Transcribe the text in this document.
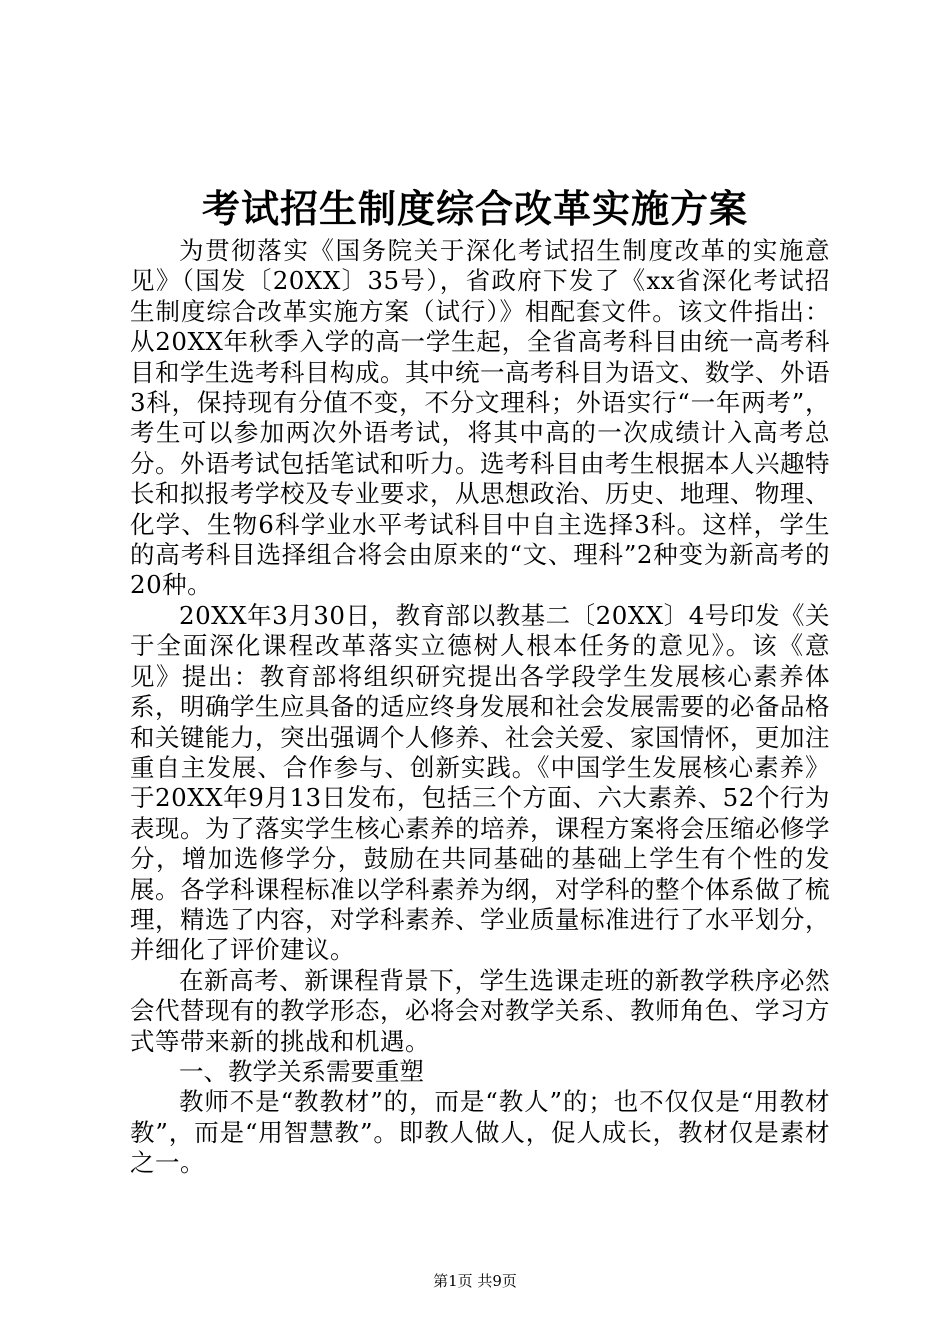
考试招生制度综合改革实施方案

为贯彻落实《国务院关于深化考试招生制度改革的实施意见》（国发〔20XX〕35号），省政府下发了《xx省深化考试招生制度综合改革实施方案（试行）》相配套文件。该文件指出：从20XX年秋季入学的高一学生起，全省高考科目由统一高考科目和学生选考科目构成。其中统一高考科目为语文、数学、外语3科，保持现有分值不变，不分文理科；外语实行“一年两考”，考生可以参加两次外语考试，将其中高的一次成绩计入高考总分。外语考试包括笔试和听力。选考科目由考生根据本人兴趣特长和拟报考学校及专业要求，从思想政治、历史、地理、物理、化学、生物6科学业水平考试科目中自主选择3科。这样，学生的高考科目选择组合将会由原来的“文、理科”2种变为新高考的20种。

20XX年3月30日，教育部以教基二〔20XX〕4号印发《关于全面深化课程改革落实立德树人根本任务的意见》。该《意见》提出：教育部将组织研究提出各学段学生发展核心素养体系，明确学生应具备的适应终身发展和社会发展需要的必备品格和关键能力，突出强调个人修养、社会关爱、家国情怀，更加注重自主发展、合作参与、创新实践。《中国学生发展核心素养》于20XX年9月13日发布，包括三个方面、六大素养、52个行为表现。为了落实学生核心素养的培养，课程方案将会压缩必修学分，增加选修学分，鼓励在共同基础的基础上学生有个性的发展。各学科课程标准以学科素养为纲，对学科的整个体系做了梳理，精选了内容，对学科素养、学业质量标准进行了水平划分，并细化了评价建议。

在新高考、新课程背景下，学生选课走班的新教学秩序必然会代替现有的教学形态，必将会对教学关系、教师角色、学习方式等带来新的挑战和机遇。

一、教学关系需要重塑

教师不是“教教材”的，而是“教人”的；也不仅仅是“用教材教”，而是“用智慧教”。即教人做人，促人成长，教材仅是素材之一。

第1页 共9页
